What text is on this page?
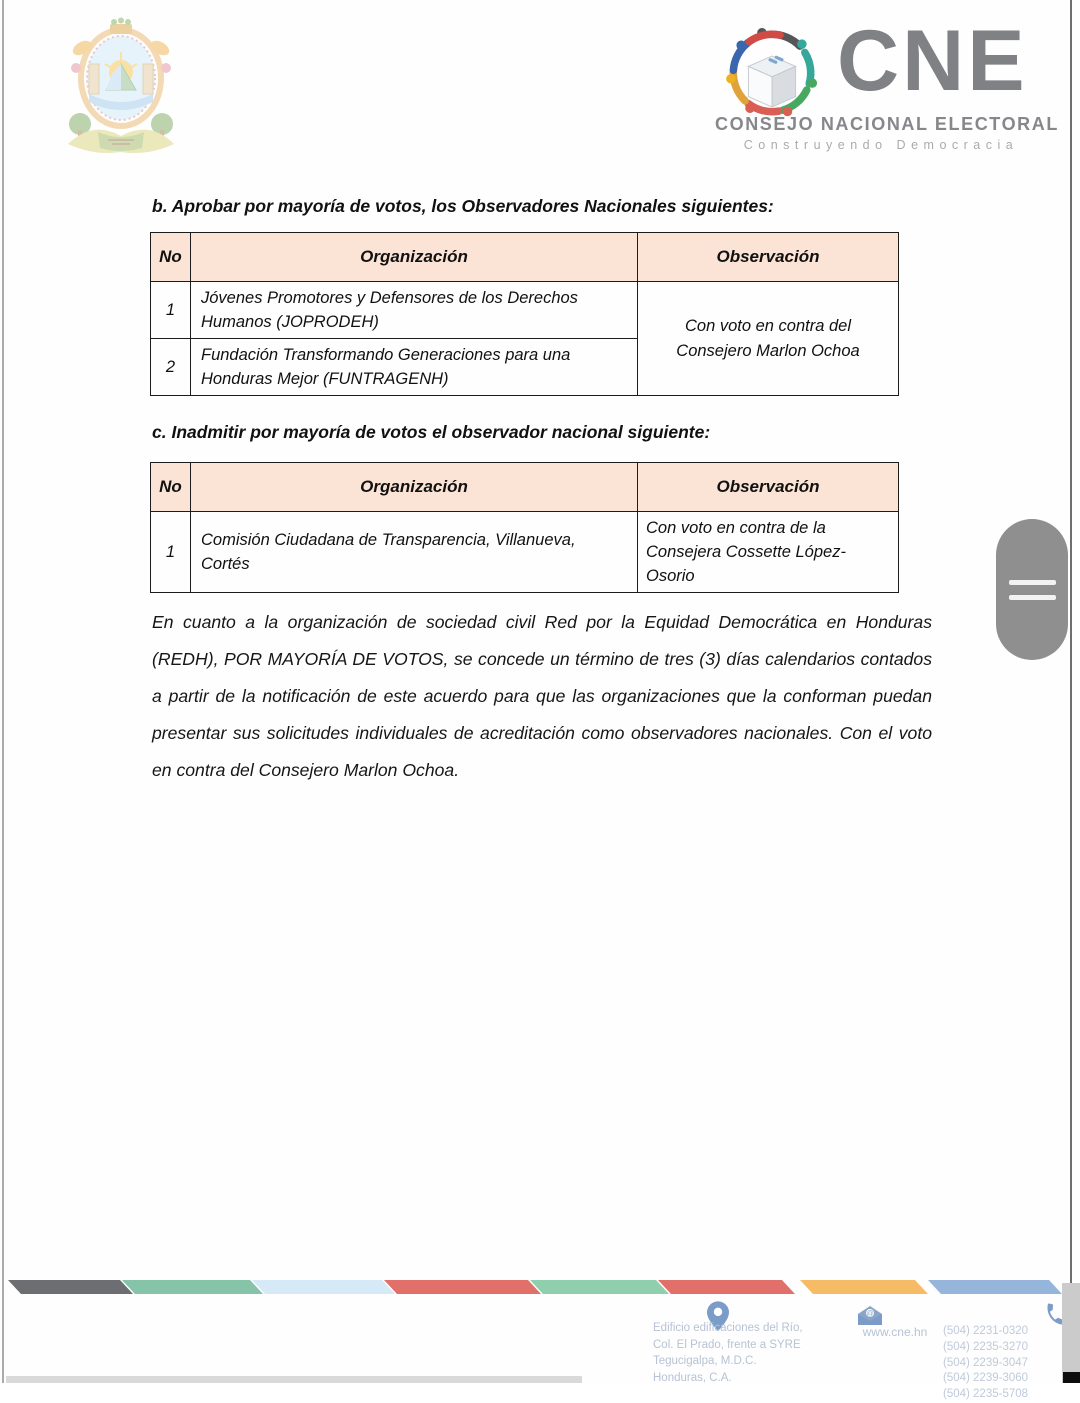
CNE
CONSEJO NACIONAL ELECTORAL
Construyendo Democracia
b. Aprobar por mayoría de votos, los Observadores Nacionales siguientes:
No	Organización	Observación
1	Jóvenes Promotores y Defensores de los Derechos Humanos (JOPRODEH)	Con voto en contra del Consejero Marlon Ochoa
2	Fundación Transformando Generaciones para una Honduras Mejor (FUNTRAGENH)	
c. Inadmitir por mayoría de votos el observador nacional siguiente:
No	Organización	Observación
1	Comisión Ciudadana de Transparencia, Villanueva, Cortés	Con voto en contra de la Consejera Cossette López-Osorio
En cuanto a la organización de sociedad civil Red por la Equidad Democrática en Honduras (REDH), POR MAYORÍA DE VOTOS, se concede un término de tres (3) días calendarios contados a partir de la notificación de este acuerdo para que las organizaciones que la conforman puedan presentar sus solicitudes individuales de acreditación como observadores nacionales. Con el voto en contra del Consejero Marlon Ochoa.
Edificio edificaciones del Río,
Col. El Prado, frente a SYRE
Tegucigalpa, M.D.C.
Honduras, C.A.
@
www.cne.hn	(504) 2231-0320
(504) 2235-3270
(504) 2239-3047
(504) 2239-3060
(504) 2235-5708
